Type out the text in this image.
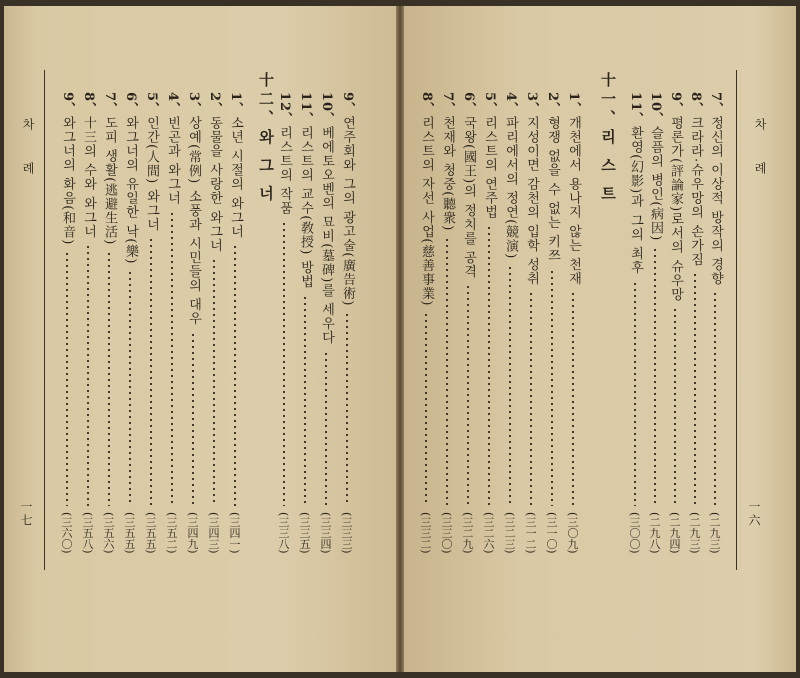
차 례
一六
7、정신의 이상적 방작의 경향
(二九三)
8、크라라·슈우망의 손가짐
(二九三)
9、평론가(評論家)로서의 슈우망
(二九四)
10、슬픔의 병인(病因)
(二九八)
11、환영(幻影)과 그의 최후
(三〇〇)
十一、리 스 트
1、개천에서 용나지 않는 천재
(三〇九)
2、형쟁 없을 수 없는 키쯔
(三一〇)
3、지성이면 감천의 입학 성취
(三一二)
4、파리에서의 정연(競演)
(三二三)
5、리스트의 연주법
(三二六)
6、국왕(國王)의 정치를 공격
(三二九)
7、천재와 청중(聽衆)
(三三〇)
8、리스트의 자선 사업(慈善事業)
(三三二)
차 례
一七
9、연주회와 그의 광고술(廣告術)
(三三三)
10、베에토오벤의 묘비(墓碑)를 세우다
(三三四)
11、리스트의 교수(敎授) 방법
(三三五)
12、리스트의 작품
(三三八)
十二、와 그 너
1、소년 시절의 와그너
(三四一)
2、동물을 사랑한 와그너
(三四三)
3、상예(常例) 소풍과 시민들의 대우
(三四九)
4、빈곤과 와그너
(三五二)
5、인간(人間) 와그너
(三五五)
6、와그너의 유일한 낙(樂)
(三五五)
7、도피 생활(逃避生活)
(三五六)
8、十三의 수와 와그너
(三五八)
9、와그너의 화음(和音)
(三六〇)
